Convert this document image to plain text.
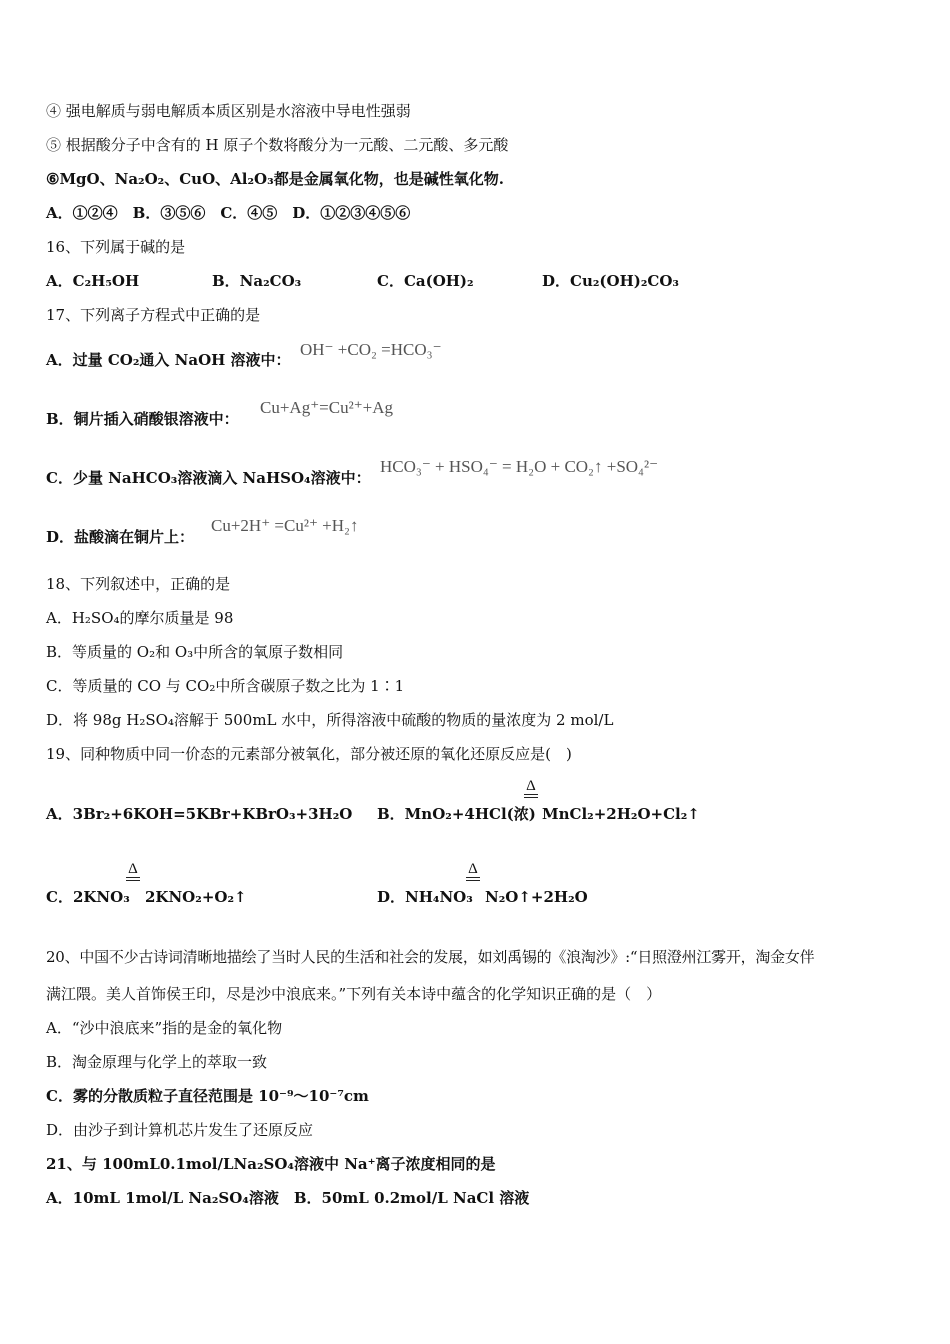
④ 强电解质与弱电解质本质区别是水溶液中导电性强弱
⑤ 根据酸分子中含有的 H 原子个数将酸分为一元酸、二元酸、多元酸
⑥MgO、Na₂O₂、CuO、Al₂O₃都是金属氧化物，也是碱性氧化物.
A．①②④　B．③⑤⑥　C．④⑤　D．①②③④⑤⑥
16、下列属于碱的是
A．C₂H₅OH	B．Na₂CO₃	C．Ca(OH)₂	D．Cu₂(OH)₂CO₃
17、下列离子方程式中正确的是
A．过量 CO₂通入 NaOH 溶液中：
OH⁻ +CO₂ =HCO₃⁻
B．铜片插入硝酸银溶液中：
Cu+Ag⁺=Cu²⁺+Ag
C．少量 NaHCO₃溶液滴入 NaHSO₄溶液中：
HCO₃⁻ + HSO₄⁻ = H₂O + CO₂↑ +SO₄²⁻
D．盐酸滴在铜片上：
Cu+2H⁺ =Cu²⁺ +H₂↑
18、下列叙述中，正确的是
A．H₂SO₄的摩尔质量是 98
B．等质量的 O₂和 O₃中所含的氧原子数相同
C．等质量的 CO 与 CO₂中所含碳原子数之比为 1∶1
D．将 98g H₂SO₄溶解于 500mL 水中，所得溶液中硫酸的物质的量浓度为 2 mol/L
19、同种物质中同一价态的元素部分被氧化，部分被还原的氧化还原反应是(　)
A．3Br₂+6KOH=5KBr+KBrO₃+3H₂O B．MnO₂+4HCl(浓)
Δ
MnCl₂+2H₂O+Cl₂↑
C．2KNO₃
Δ
2KNO₂+O₂↑	D．NH₄NO₃
Δ
N₂O↑+2H₂O
20、中国不少古诗词清晰地描绘了当时人民的生活和社会的发展，如刘禹锡的《浪淘沙》:“日照澄州江雾开，淘金女伴
满江隈。美人首饰侯王印，尽是沙中浪底来。”下列有关本诗中蕴含的化学知识正确的是（　）
A．“沙中浪底来”指的是金的氧化物
B．淘金原理与化学上的萃取一致
C．雾的分散质粒子直径范围是 10⁻⁹～10⁻⁷cm
D．由沙子到计算机芯片发生了还原反应
21、与 100mL0.1mol/LNa₂SO₄溶液中 Na⁺离子浓度相同的是
A．10mL 1mol/L Na₂SO₄溶液　B．50mL 0.2mol/L NaCl 溶液
